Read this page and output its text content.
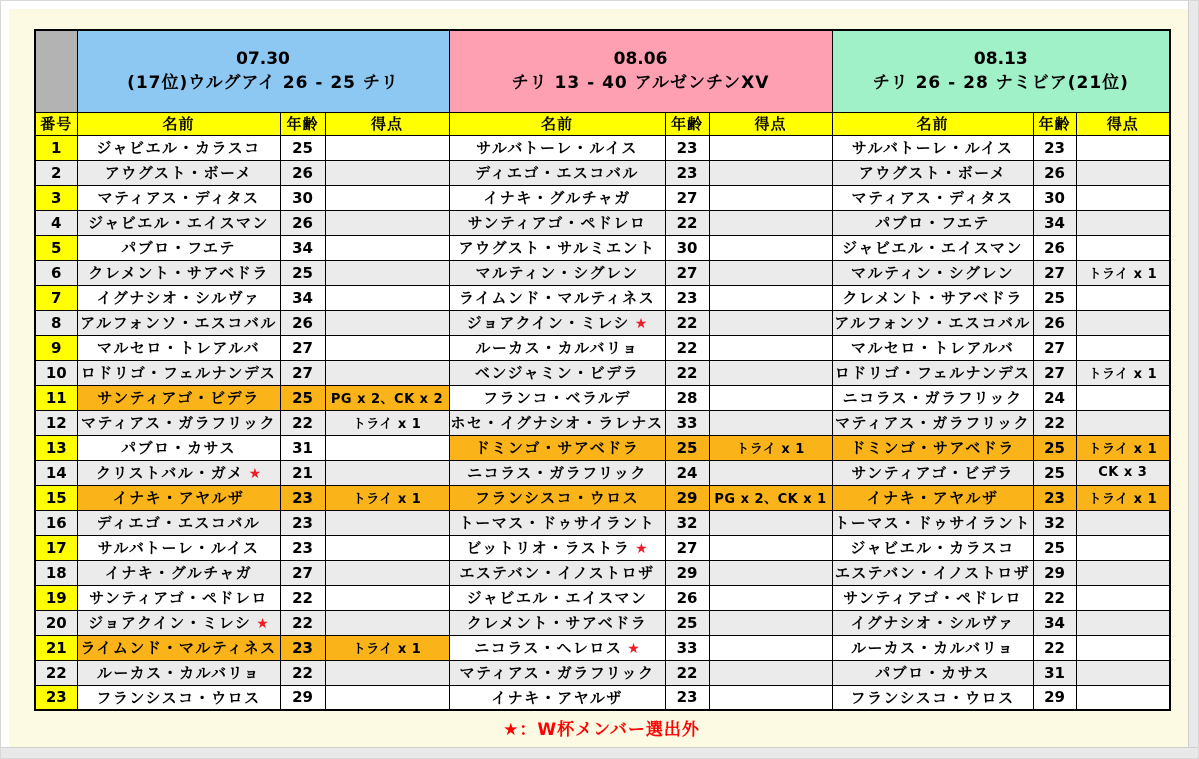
07.30
(17位)ウルグアイ 26 - 25 チリ

08.06
チリ 13 - 40 アルゼンチンXV

08.13
チリ 26 - 28 ナミビア(21位)

番号	名前	年齢	得点	名前	年齢	得点	名前	年齢	得点
1	ジャビエル・カラスコ	25		サルバトーレ・ルイス	23		サルバトーレ・ルイス	23	
2	アウグスト・ボーメ	26		ディエゴ・エスコバル	23		アウグスト・ボーメ	26	
3	マティアス・ディタス	30		イナキ・グルチャガ	27		マティアス・ディタス	30	
4	ジャビエル・エイスマン	26		サンティアゴ・ペドレロ	22		パブロ・フエテ	34	
5	パブロ・フエテ	34		アウグスト・サルミエント	30		ジャビエル・エイスマン	26	
6	クレメント・サアベドラ	25		マルティン・シグレン	27		マルティン・シグレン	27	トライ x 1
7	イグナシオ・シルヴァ	34		ライムンド・マルティネス	23		クレメント・サアベドラ	25	
8	アルフォンソ・エスコバル	26		ジョアクイン・ミレシ ★	22		アルフォンソ・エスコバル	26	
9	マルセロ・トレアルバ	27		ルーカス・カルバリョ	22		マルセロ・トレアルバ	27	
10	ロドリゴ・フェルナンデス	27		ベンジャミン・ビデラ	22		ロドリゴ・フェルナンデス	27	トライ x 1
11	サンティアゴ・ビデラ	25	PG x 2、CK x 2	フランコ・ベラルデ	28		ニコラス・ガラフリック	24	
12	マティアス・ガラフリック	22	トライ x 1	ホセ・イグナシオ・ラレナス	33		マティアス・ガラフリック	22	
13	パブロ・カサス	31		ドミンゴ・サアベドラ	25	トライ x 1	ドミンゴ・サアベドラ	25	トライ x 1
14	クリストバル・ガメ ★	21		ニコラス・ガラフリック	24		サンティアゴ・ビデラ	25	CK x 3
15	イナキ・アヤルザ	23	トライ x 1	フランシスコ・ウロス	29	PG x 2、CK x 1	イナキ・アヤルザ	23	トライ x 1
16	ディエゴ・エスコバル	23		トーマス・ドゥサイラント	32		トーマス・ドゥサイラント	32	
17	サルバトーレ・ルイス	23		ビットリオ・ラストラ ★	27		ジャビエル・カラスコ	25	
18	イナキ・グルチャガ	27		エステバン・イノストロザ	29		エステバン・イノストロザ	29	
19	サンティアゴ・ペドレロ	22		ジャビエル・エイスマン	26		サンティアゴ・ペドレロ	22	
20	ジョアクイン・ミレシ ★	22		クレメント・サアベドラ	25		イグナシオ・シルヴァ	34	
21	ライムンド・マルティネス	23	トライ x 1	ニコラス・ヘレロス ★	33		ルーカス・カルバリョ	22	
22	ルーカス・カルバリョ	22		マティアス・ガラフリック	22		パブロ・カサス	31	
23	フランシスコ・ウロス	29		イナキ・アヤルザ	23		フランシスコ・ウロス	29	
★：W杯メンバー選出外
